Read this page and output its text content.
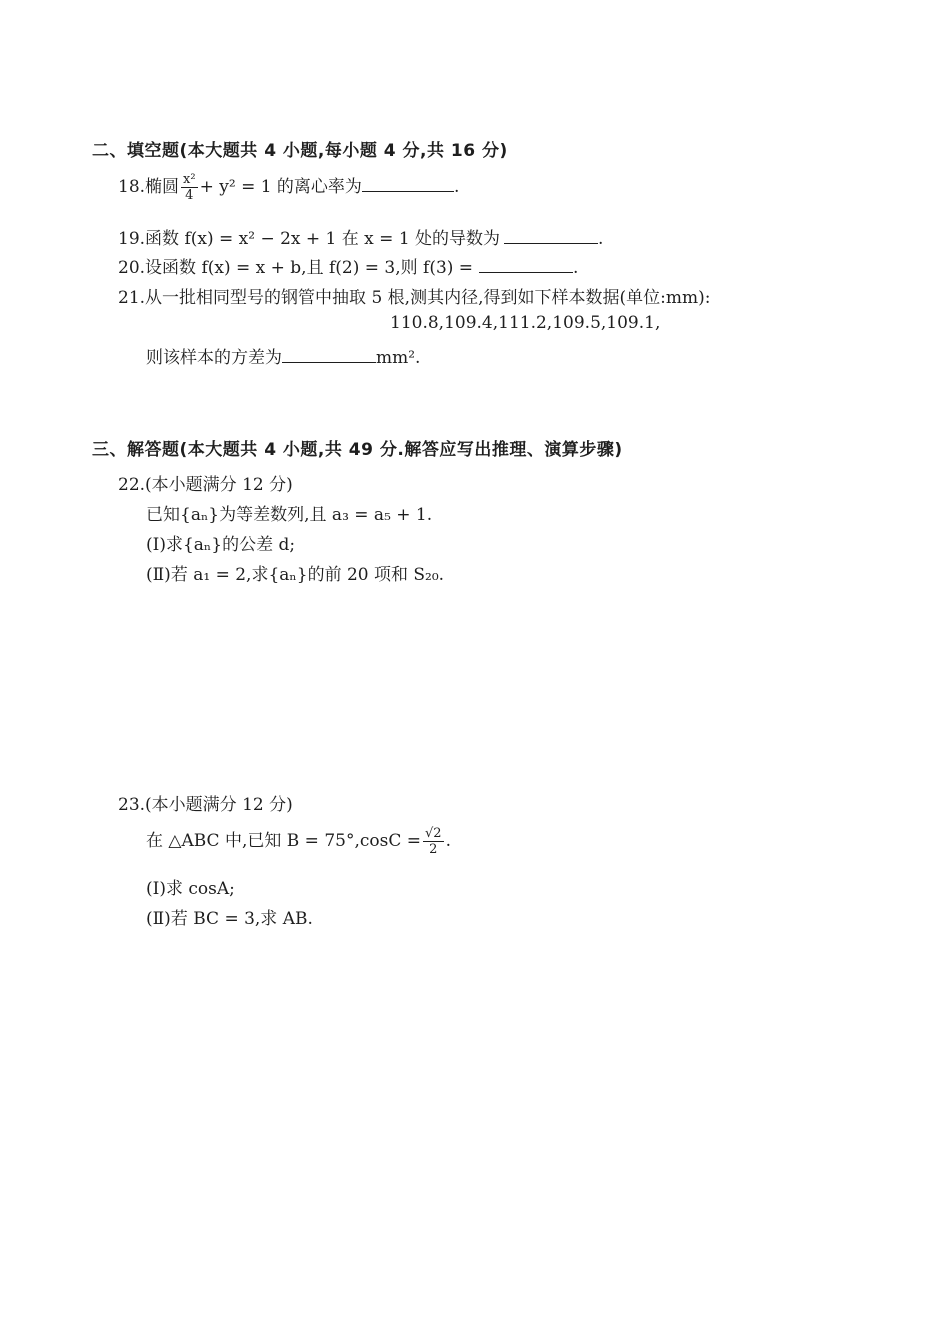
二、填空题(本大题共 4 小题,每小题 4 分,共 16 分)
18.椭圆 $\frac{\text{x²}}{4} + y^2 = 1$ 的离心率为	.
19.函数 f(x) = x² − 2x + 1 在 x = 1 处的导数为	.
20.设函数 f(x) = x + b,且 f(2) = 3,则 f(3) =	.
21.从一批相同型号的钢管中抽取 5 根,测其内径,得到如下样本数据(单位:mm):
110.8,109.4,111.2,109.5,109.1,
则该样本的方差为	mm².
三、解答题(本大题共 4 小题,共 49 分.解答应写出推理、演算步骤)
22.(本小题满分 12 分)
已知{aₙ}为等差数列,且 a₃ = a₅ + 1.
(Ⅰ)求{aₙ}的公差 d;
(Ⅱ)若 a₁ = 2,求{aₙ}的前 20 项和 S₂₀.
23.(本小题满分 12 分)
在 △ABC 中,已知 $B = 75^\circ,\cos C = \frac{√2}{2}$ .
(Ⅰ)求 cosA;
(Ⅱ)若 BC = 3,求 AB.
